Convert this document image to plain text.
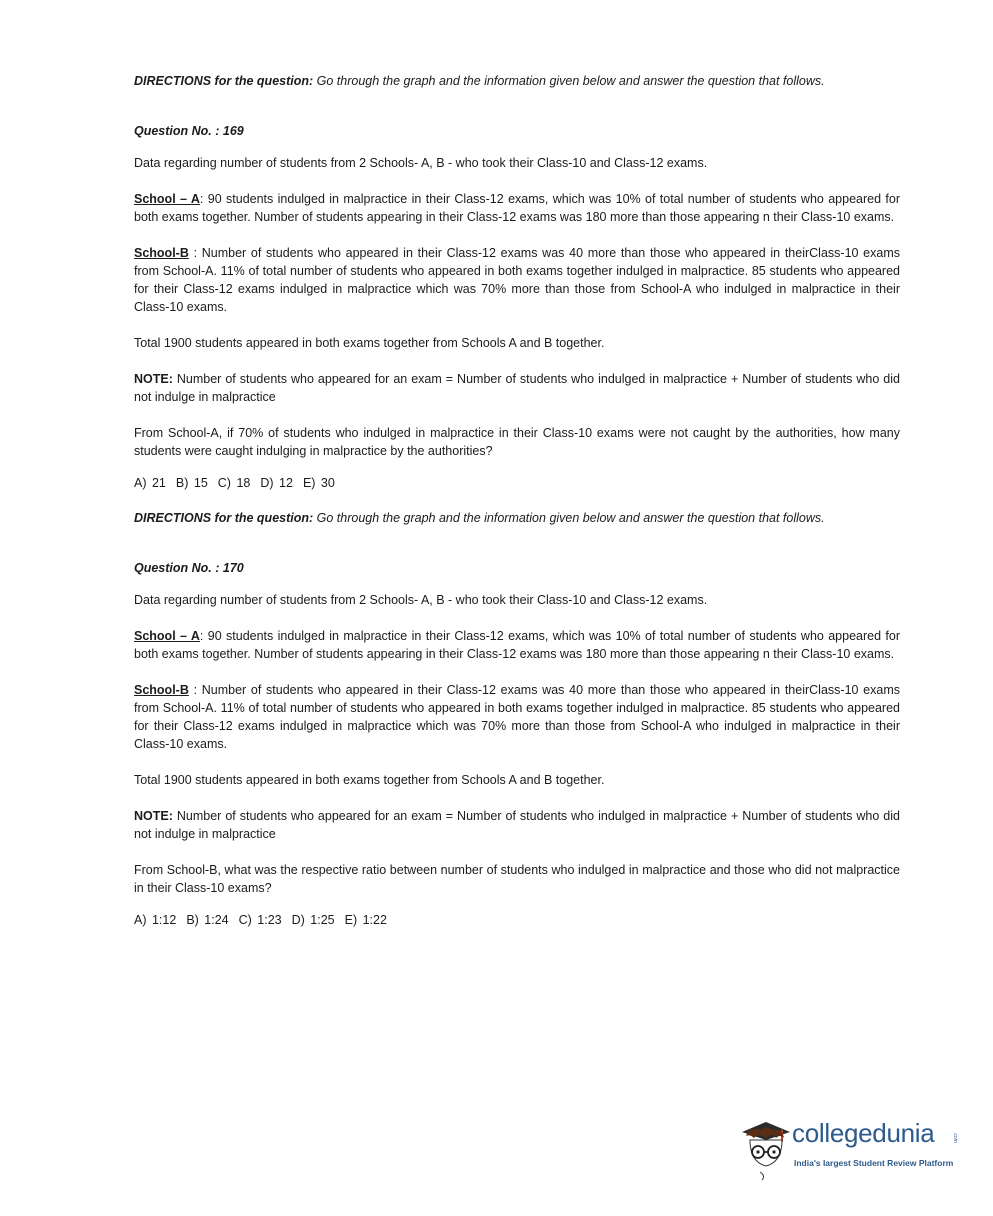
DIRECTIONS for the question: Go through the graph and the information given below and answer the question that follows.

Question No. : 169

Data regarding number of students from 2 Schools- A, B - who took their Class-10 and Class-12 exams.

School – A: 90 students indulged in malpractice in their Class-12 exams, which was 10% of total number of students who appeared for both exams together. Number of students appearing in their Class-12 exams was 180 more than those appearing n their Class-10 exams.

School-B : Number of students who appeared in their Class-12 exams was 40 more than those who appeared in theirClass-10 exams from School-A. 11% of total number of students who appeared in both exams together indulged in malpractice. 85 students who appeared for their Class-12 exams indulged in malpractice which was 70% more than those from School-A who indulged in malpractice in their Class-10 exams.

Total 1900 students appeared in both exams together from Schools A and B together.

NOTE: Number of students who appeared for an exam = Number of students who indulged in malpractice + Number of students who did not indulge in malpractice

From School-A, if 70% of students who indulged in malpractice in their Class-10 exams were not caught by the authorities, how many students were caught indulging in malpractice by the authorities?

A) 21 B) 15 C) 18 D) 12 E) 30

DIRECTIONS for the question: Go through the graph and the information given below and answer the question that follows.

Question No. : 170

Data regarding number of students from 2 Schools- A, B - who took their Class-10 and Class-12 exams.

School – A: 90 students indulged in malpractice in their Class-12 exams, which was 10% of total number of students who appeared for both exams together. Number of students appearing in their Class-12 exams was 180 more than those appearing n their Class-10 exams.

School-B : Number of students who appeared in their Class-12 exams was 40 more than those who appeared in theirClass-10 exams from School-A. 11% of total number of students who appeared in both exams together indulged in malpractice. 85 students who appeared for their Class-12 exams indulged in malpractice which was 70% more than those from School-A who indulged in malpractice in their Class-10 exams.

Total 1900 students appeared in both exams together from Schools A and B together.

NOTE: Number of students who appeared for an exam = Number of students who indulged in malpractice + Number of students who did not indulge in malpractice

From School-B, what was the respective ratio between number of students who indulged in malpractice and those who did not malpractice in their Class-10 exams?

A) 1:12 B) 1:24 C) 1:23 D) 1:25 E) 1:22

collegedunia	.com
India's largest Student Review Platform
